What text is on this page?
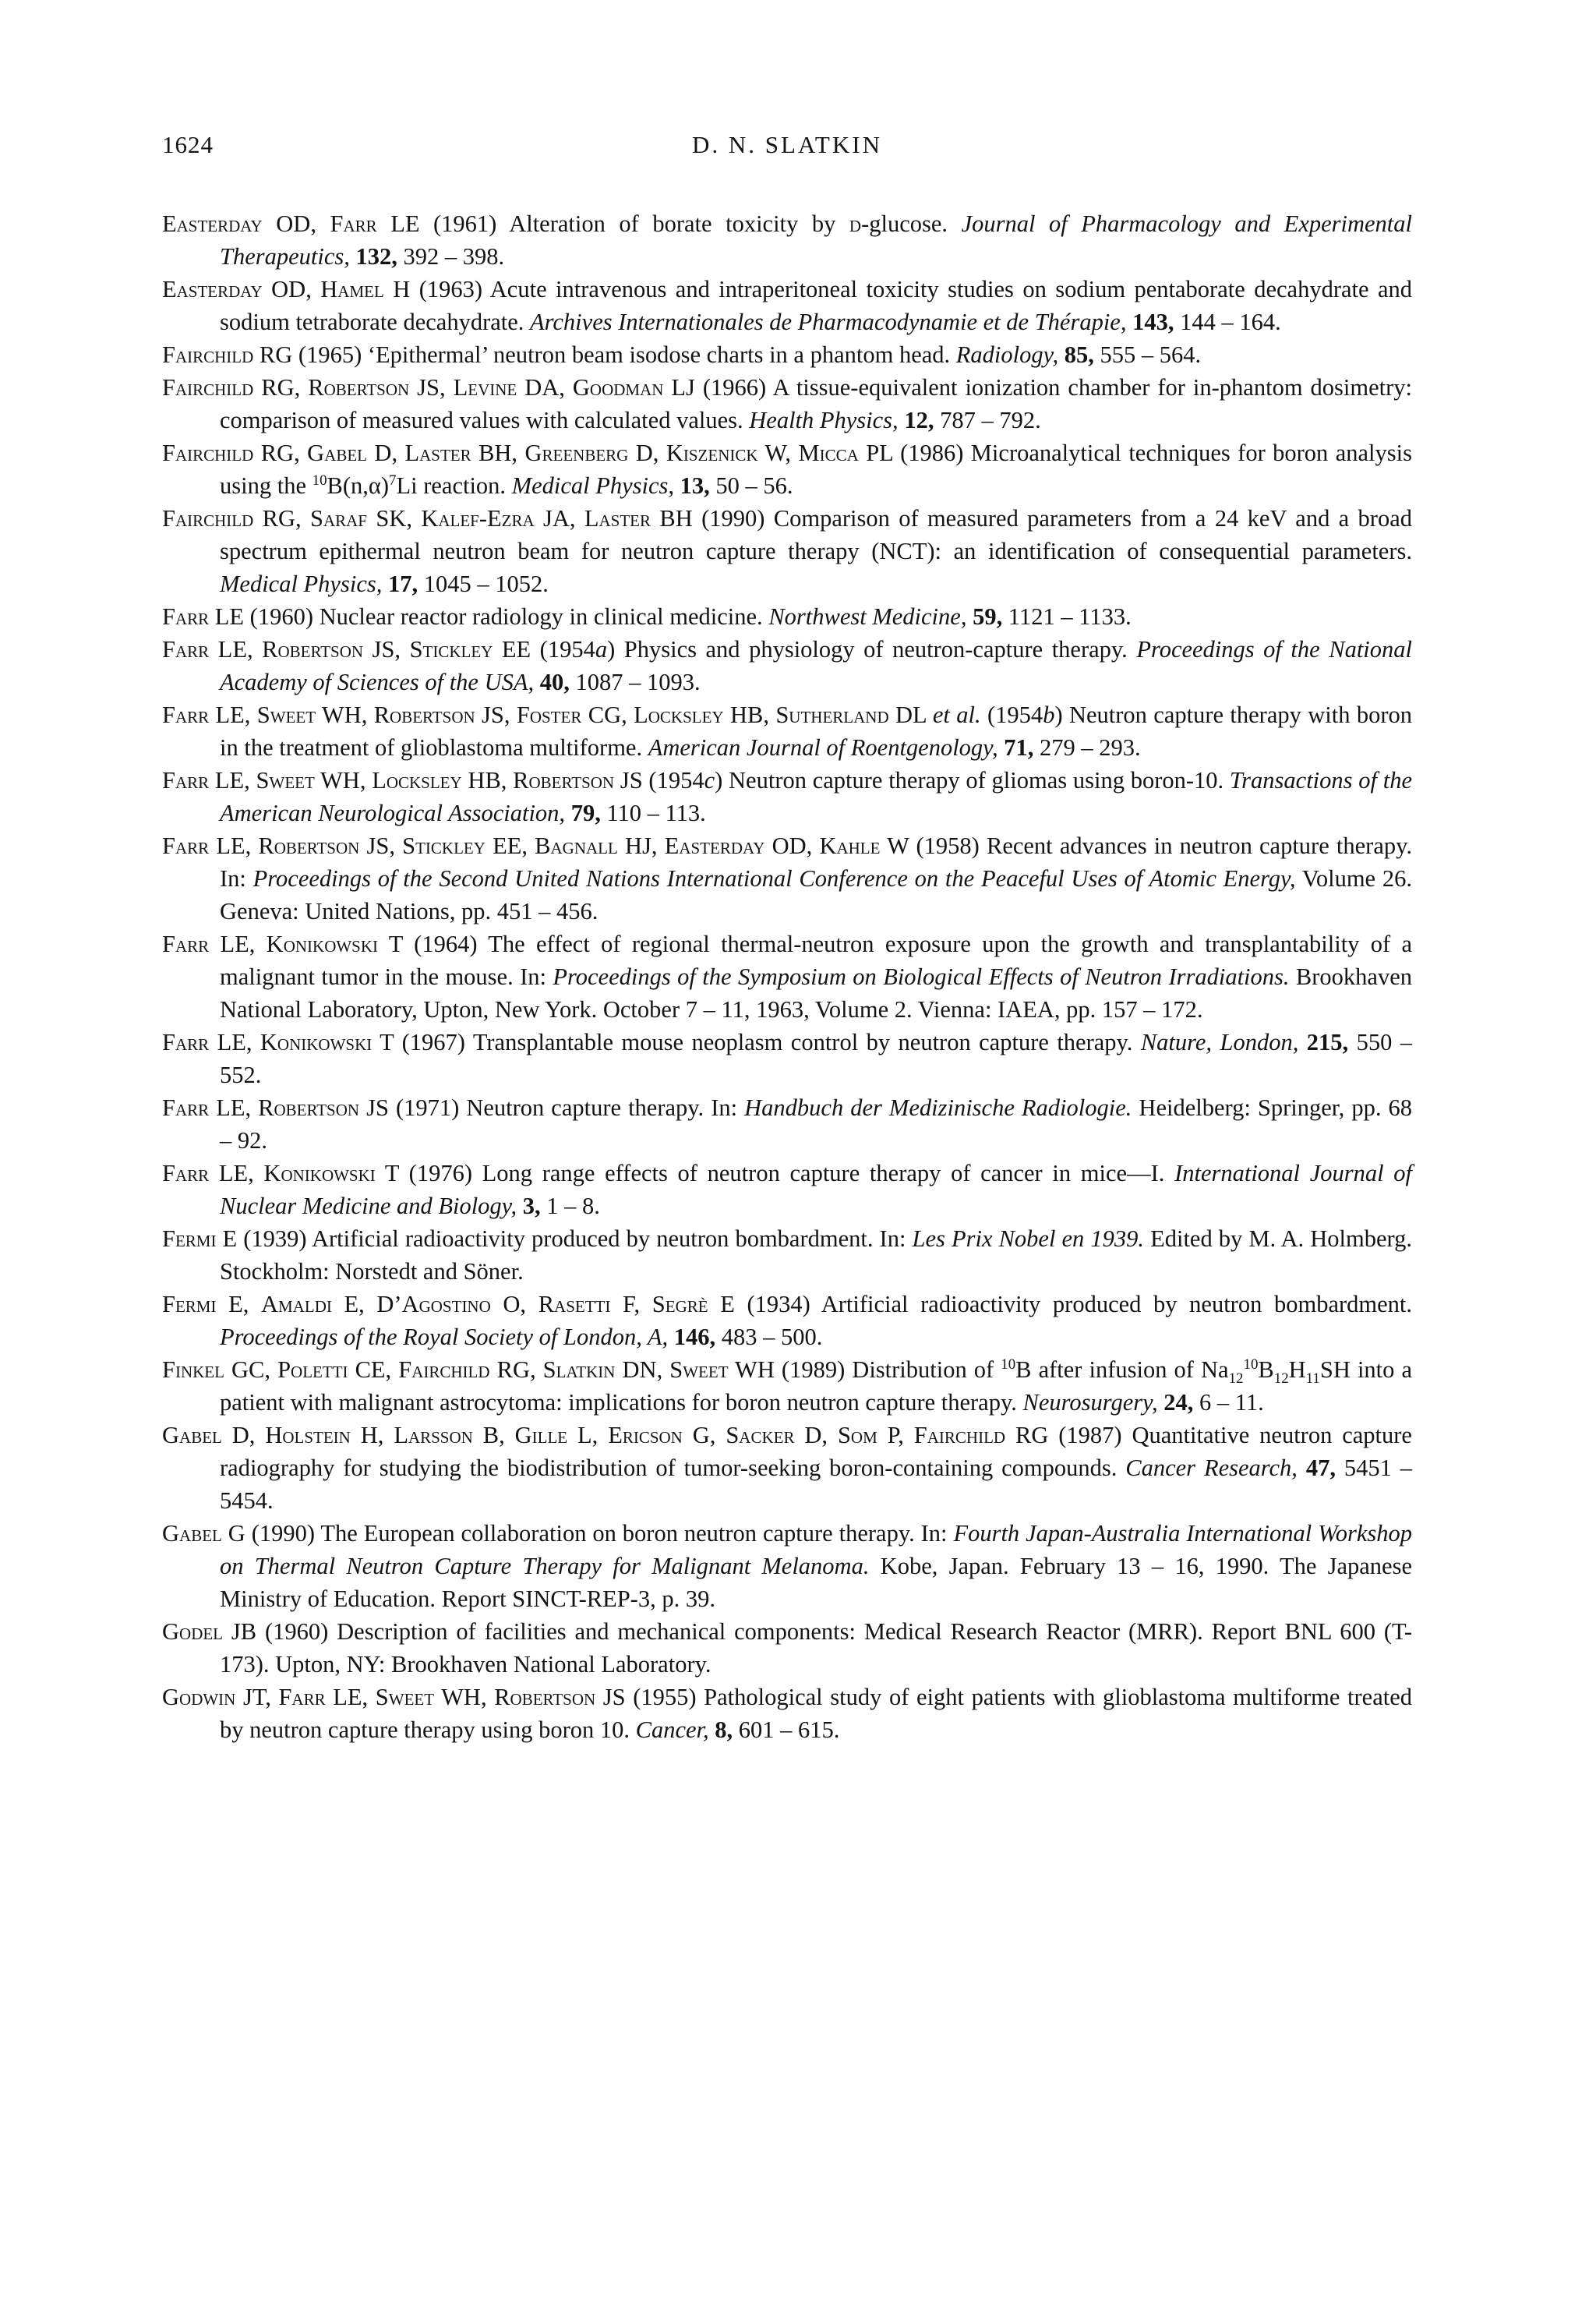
1624	D. N. SLATKIN
Easterday OD, Farr LE (1961) Alteration of borate toxicity by d-glucose. Journal of Pharmacology and Experimental Therapeutics, 132, 392 – 398.
Easterday OD, Hamel H (1963) Acute intravenous and intraperitoneal toxicity studies on sodium pentaborate decahydrate and sodium tetraborate decahydrate. Archives Internationales de Pharmacodynamie et de Thérapie, 143, 144 – 164.
Fairchild RG (1965) ‘Epithermal’ neutron beam isodose charts in a phantom head. Radiology, 85, 555 – 564.
Fairchild RG, Robertson JS, Levine DA, Goodman LJ (1966) A tissue-equivalent ionization chamber for in-phantom dosimetry: comparison of measured values with calculated values. Health Physics, 12, 787 – 792.
Fairchild RG, Gabel D, Laster BH, Greenberg D, Kiszenick W, Micca PL (1986) Microanalytical techniques for boron analysis using the $^{10}B(n,\alpha)^7Li$ reaction. Medical Physics, 13, 50 – 56.
Fairchild RG, Saraf SK, Kalef-Ezra JA, Laster BH (1990) Comparison of measured parameters from a 24 keV and a broad spectrum epithermal neutron beam for neutron capture therapy (NCT): an identification of consequential parameters. Medical Physics, 17, 1045 – 1052.
Farr LE (1960) Nuclear reactor radiology in clinical medicine. Northwest Medicine, 59, 1121 – 1133.
Farr LE, Robertson JS, Stickley EE (1954a) Physics and physiology of neutron-capture therapy. Proceedings of the National Academy of Sciences of the USA, 40, 1087 – 1093.
Farr LE, Sweet WH, Robertson JS, Foster CG, Locksley HB, Sutherland DL et al. (1954b) Neutron capture therapy with boron in the treatment of glioblastoma multiforme. American Journal of Roentgenology, 71, 279 – 293.
Farr LE, Sweet WH, Locksley HB, Robertson JS (1954c) Neutron capture therapy of gliomas using boron-10. Transactions of the American Neurological Association, 79, 110 – 113.
Farr LE, Robertson JS, Stickley EE, Bagnall HJ, Easterday OD, Kahle W (1958) Recent advances in neutron capture therapy. In: Proceedings of the Second United Nations International Conference on the Peaceful Uses of Atomic Energy, Volume 26. Geneva: United Nations, pp. 451 – 456.
Farr LE, Konikowski T (1964) The effect of regional thermal-neutron exposure upon the growth and transplantability of a malignant tumor in the mouse. In: Proceedings of the Symposium on Biological Effects of Neutron Irradiations. Brookhaven National Laboratory, Upton, New York. October 7 – 11, 1963, Volume 2. Vienna: IAEA, pp. 157 – 172.
Farr LE, Konikowski T (1967) Transplantable mouse neoplasm control by neutron capture therapy. Nature, London, 215, 550 – 552.
Farr LE, Robertson JS (1971) Neutron capture therapy. In: Handbuch der Medizinische Radiologie. Heidelberg: Springer, pp. 68 – 92.
Farr LE, Konikowski T (1976) Long range effects of neutron capture therapy of cancer in mice—I. International Journal of Nuclear Medicine and Biology, 3, 1 – 8.
Fermi E (1939) Artificial radioactivity produced by neutron bombardment. In: Les Prix Nobel en 1939. Edited by M. A. Holmberg. Stockholm: Norstedt and Söner.
Fermi E, Amaldi E, D’Agostino O, Rasetti F, Segrè E (1934) Artificial radioactivity produced by neutron bombardment. Proceedings of the Royal Society of London, A, 146, 483 – 500.
Finkel GC, Poletti CE, Fairchild RG, Slatkin DN, Sweet WH (1989) Distribution of $^{10}$B after infusion of $Na_{12}^{10}B_{12}H_{11}SH$ into a patient with malignant astrocytoma: implications for boron neutron capture therapy. Neurosurgery, 24, 6 – 11.
Gabel D, Holstein H, Larsson B, Gille L, Ericson G, Sacker D, Som P, Fairchild RG (1987) Quantitative neutron capture radiography for studying the biodistribution of tumor-seeking boron-containing compounds. Cancer Research, 47, 5451 – 5454.
Gabel G (1990) The European collaboration on boron neutron capture therapy. In: Fourth Japan-Australia International Workshop on Thermal Neutron Capture Therapy for Malignant Melanoma. Kobe, Japan. February 13 – 16, 1990. The Japanese Ministry of Education. Report SINCT-REP-3, p. 39.
Godel JB (1960) Description of facilities and mechanical components: Medical Research Reactor (MRR). Report BNL 600 (T-173). Upton, NY: Brookhaven National Laboratory.
Godwin JT, Farr LE, Sweet WH, Robertson JS (1955) Pathological study of eight patients with glioblastoma multiforme treated by neutron capture therapy using boron 10. Cancer, 8, 601 – 615.
